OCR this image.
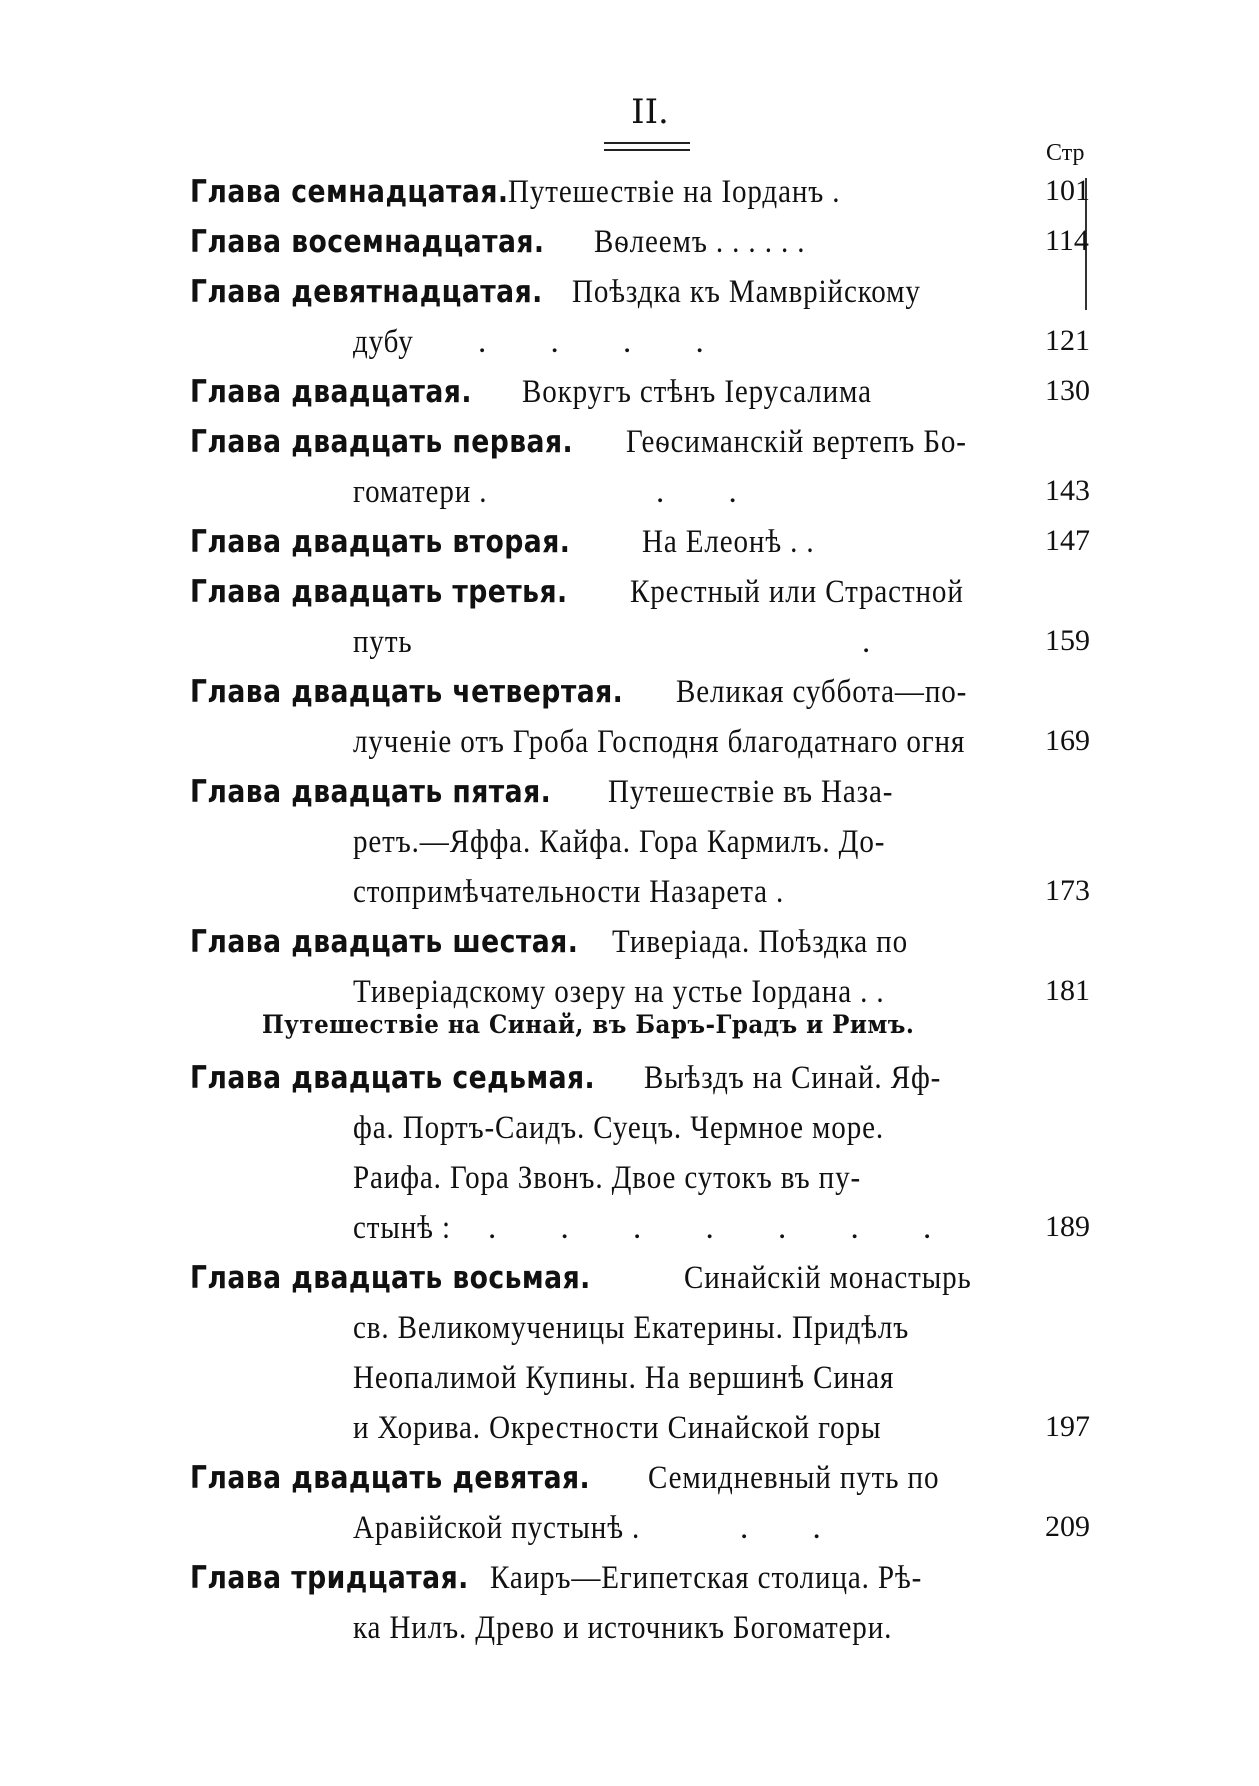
II.
Стр
Глава семнадцатая. Путешествіе на Іорданъ .	101
Глава восемнадцатая. Вѳлеемъ . . . . . .	114
Глава девятнадцатая. Поѣздка къ Мамврійскому
дубу . . . .	121
Глава двадцатая. Вокругъ стѣнъ Іерусалима	130
Глава двадцать первая. Геѳсиманскій вертепъ Бо-
гоматери .	. .	143
Глава двадцать вторая. На Елеонѣ . .	147
Глава двадцать третья. Крестный или Страстной
путь	.	159
Глава двадцать четвертая. Великая суббота—по-
лученіе отъ Гроба Господня благодатнаго огня	169
Глава двадцать пятая. Путешествіе въ Наза-
ретъ.—Яффа. Кайфа. Гора Кармилъ. До-
стопримѣчательности Назарета .	173
Глава двадцать шестая. Тиверіада. Поѣздка по
Тиверіадскому озеру на устье Іордана . .	181
Путешествіе на Синай, въ Баръ-Градъ и Римъ.
Глава двадцать седьмая. Выѣздъ на Синай. Яф-
фа. Портъ-Саидъ. Суецъ. Чермное море.
Раифа. Гора Звонъ. Двое сутокъ въ пу-
стынѣ : . . . . . . .	189
Глава двадцать восьмая.	Синайскій монастырь
св. Великомученицы Екатерины. Придѣлъ
Неопалимой Купины. На вершинѣ Синая
и Хорива. Окрестности Синайской горы	197
Глава двадцать девятая. Семидневный путь по
Аравійской пустынѣ .	. .	209
Глава тридцатая. Каиръ—Египетская столица. Рѣ-
ка Нилъ. Древо и источникъ Богоматери.
